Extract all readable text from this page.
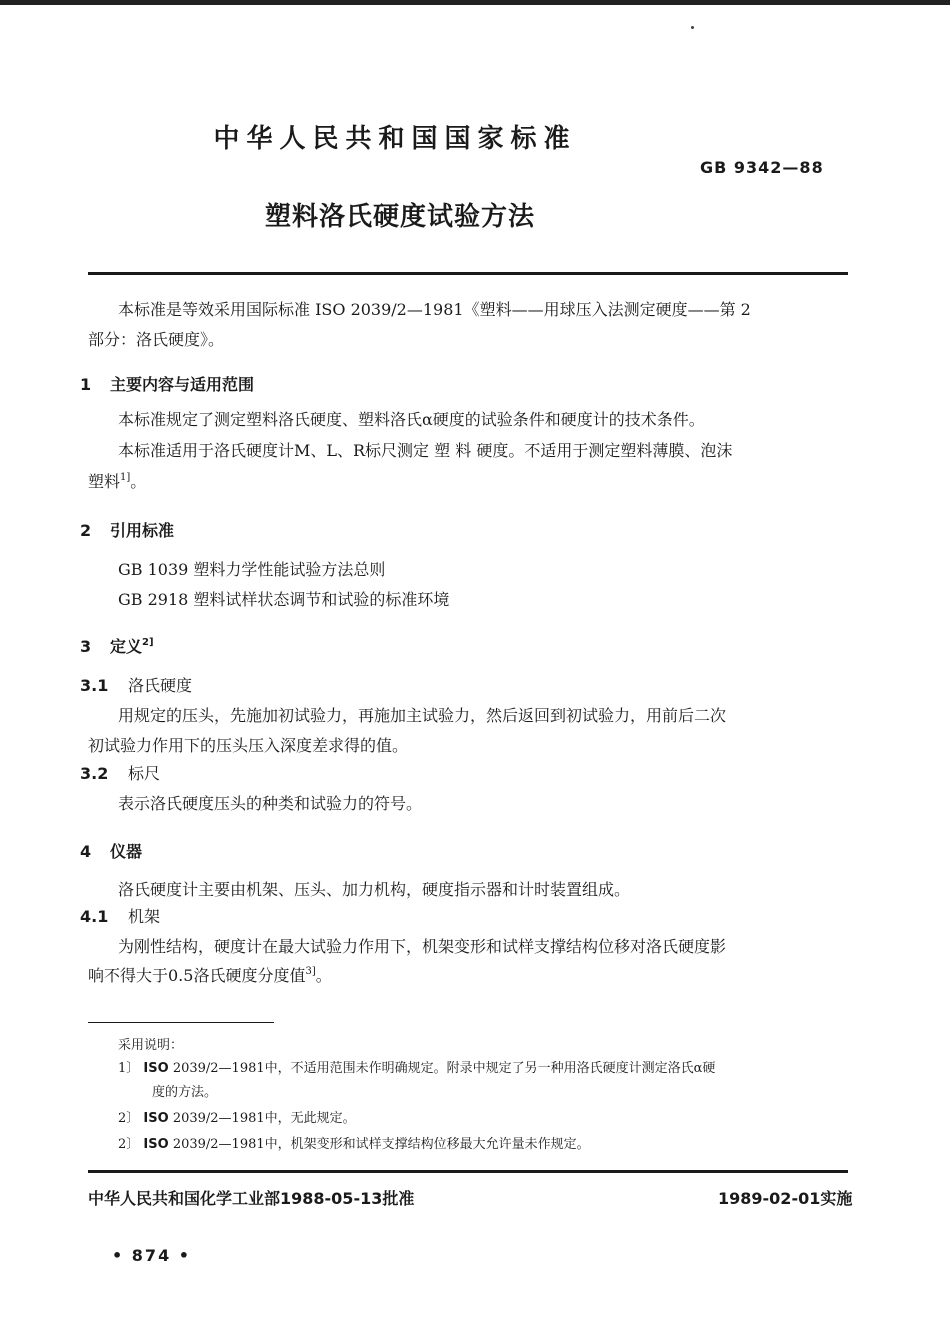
中华人民共和国国家标准
GB 9342—88
塑料洛氏硬度试验方法
本标准是等效采用国际标准 ISO 2039/2—1981《塑料——用球压入法测定硬度——第 2
部分：洛氏硬度》。
1 主要内容与适用范围
本标准规定了测定塑料洛氏硬度、塑料洛氏α硬度的试验条件和硬度计的技术条件。
本标准适用于洛氏硬度计M、L、R标尺测定 塑 料 硬度。不适用于测定塑料薄膜、泡沫
塑料$^{1]}$。
2 引用标准
GB 1039 塑料力学性能试验方法总则
GB 2918 塑料试样状态调节和试验的标准环境
3 定义$^{2]}$
3.1 洛氏硬度
用规定的压头，先施加初试验力，再施加主试验力，然后返回到初试验力，用前后二次
初试验力作用下的压头压入深度差求得的值。
3.2 标尺
表示洛氏硬度压头的种类和试验力的符号。
4 仪器
洛氏硬度计主要由机架、压头、加力机构，硬度指示器和计时装置组成。
4.1 机架
为刚性结构，硬度计在最大试验力作用下，机架变形和试样支撑结构位移对洛氏硬度影
响不得大于0.5洛氏硬度分度值$^{3]}$。
采用说明：
1〕 ISO 2039/2—1981中，不适用范围未作明确规定。附录中规定了另一种用洛氏硬度计测定洛氏α硬
度的方法。
2〕 ISO 2039/2—1981中，无此规定。
2〕 ISO 2039/2—1981中，机架变形和试样支撑结构位移最大允许量未作规定。
中华人民共和国化学工业部1988-05-13批准	1989-02-01实施
• 874 •
